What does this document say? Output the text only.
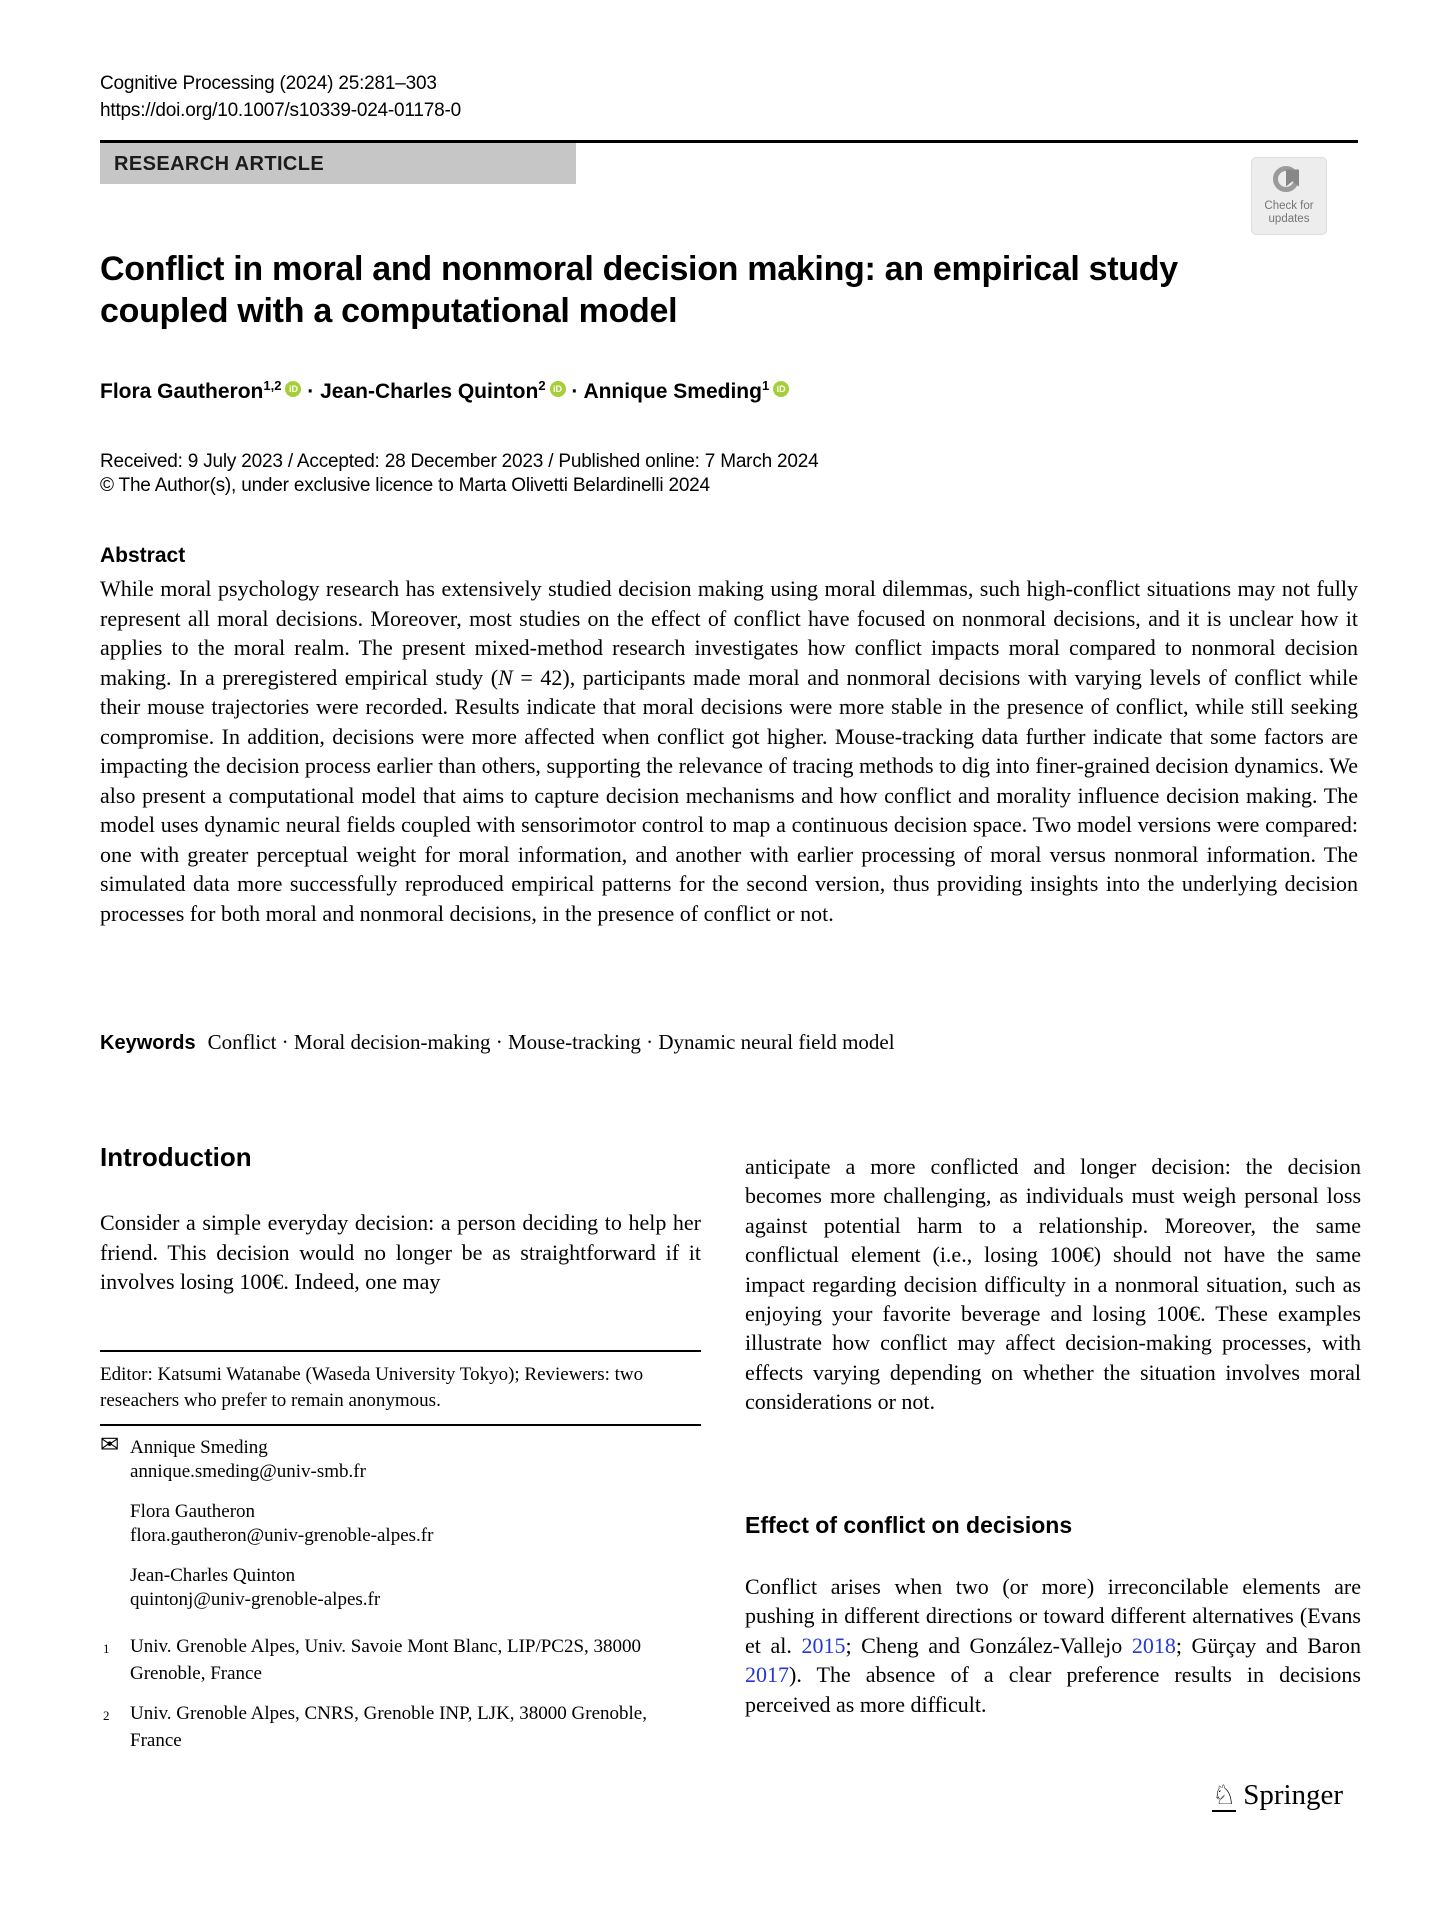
Cognitive Processing (2024) 25:281–303
https://doi.org/10.1007/s10339-024-01178-0
RESEARCH ARTICLE
Check for
updates
Conflict in moral and nonmoral decision making: an empirical study coupled with a computational model
Flora Gautheron$^{1,2}$ iD · Jean-Charles Quinton$^2$ iD · Annique Smeding$^1$ iD
Received: 9 July 2023 / Accepted: 28 December 2023 / Published online: 7 March 2024
© The Author(s), under exclusive licence to Marta Olivetti Belardinelli 2024
Abstract

While moral psychology research has extensively studied decision making using moral dilemmas, such high-conflict situations may not fully represent all moral decisions. Moreover, most studies on the effect of conflict have focused on nonmoral decisions, and it is unclear how it applies to the moral realm. The present mixed-method research investigates how conflict impacts moral compared to nonmoral decision making. In a preregistered empirical study (N = 42), participants made moral and nonmoral decisions with varying levels of conflict while their mouse trajectories were recorded. Results indicate that moral decisions were more stable in the presence of conflict, while still seeking compromise. In addition, decisions were more affected when conflict got higher. Mouse-tracking data further indicate that some factors are impacting the decision process earlier than others, supporting the relevance of tracing methods to dig into finer-grained decision dynamics. We also present a computational model that aims to capture decision mechanisms and how conflict and morality influence decision making. The model uses dynamic neural fields coupled with sensorimotor control to map a continuous decision space. Two model versions were compared: one with greater perceptual weight for moral information, and another with earlier processing of moral versus nonmoral information. The simulated data more successfully reproduced empirical patterns for the second version, thus providing insights into the underlying decision processes for both moral and nonmoral decisions, in the presence of conflict or not.

Keywords Conflict · Moral decision-making · Mouse-tracking · Dynamic neural field model
Introduction

Consider a simple everyday decision: a person deciding to help her friend. This decision would no longer be as straightforward if it involves losing 100€. Indeed, one may

Editor: Katsumi Watanabe (Waseda University Tokyo); Reviewers: two reseachers who prefer to remain anonymous.

✉ Annique Smeding
annique.smeding@univ-smb.fr
Flora Gautheron
flora.gautheron@univ-grenoble-alpes.fr
Jean-Charles Quinton
quintonj@univ-grenoble-alpes.fr
1 Univ. Grenoble Alpes, Univ. Savoie Mont Blanc, LIP/PC2S, 38000 Grenoble, France
2 Univ. Grenoble Alpes, CNRS, Grenoble INP, LJK, 38000 Grenoble, France

anticipate a more conflicted and longer decision: the decision becomes more challenging, as individuals must weigh personal loss against potential harm to a relationship. Moreover, the same conflictual element (i.e., losing 100€) should not have the same impact regarding decision difficulty in a nonmoral situation, such as enjoying your favorite beverage and losing 100€. These examples illustrate how conflict may affect decision-making processes, with effects varying depending on whether the situation involves moral considerations or not.

Effect of conflict on decisions

Conflict arises when two (or more) irreconcilable elements are pushing in different directions or toward different alternatives (Evans et al. 2015; Cheng and González-Vallejo 2018; Gürçay and Baron 2017). The absence of a clear preference results in decisions perceived as more difficult.

♘ Springer
